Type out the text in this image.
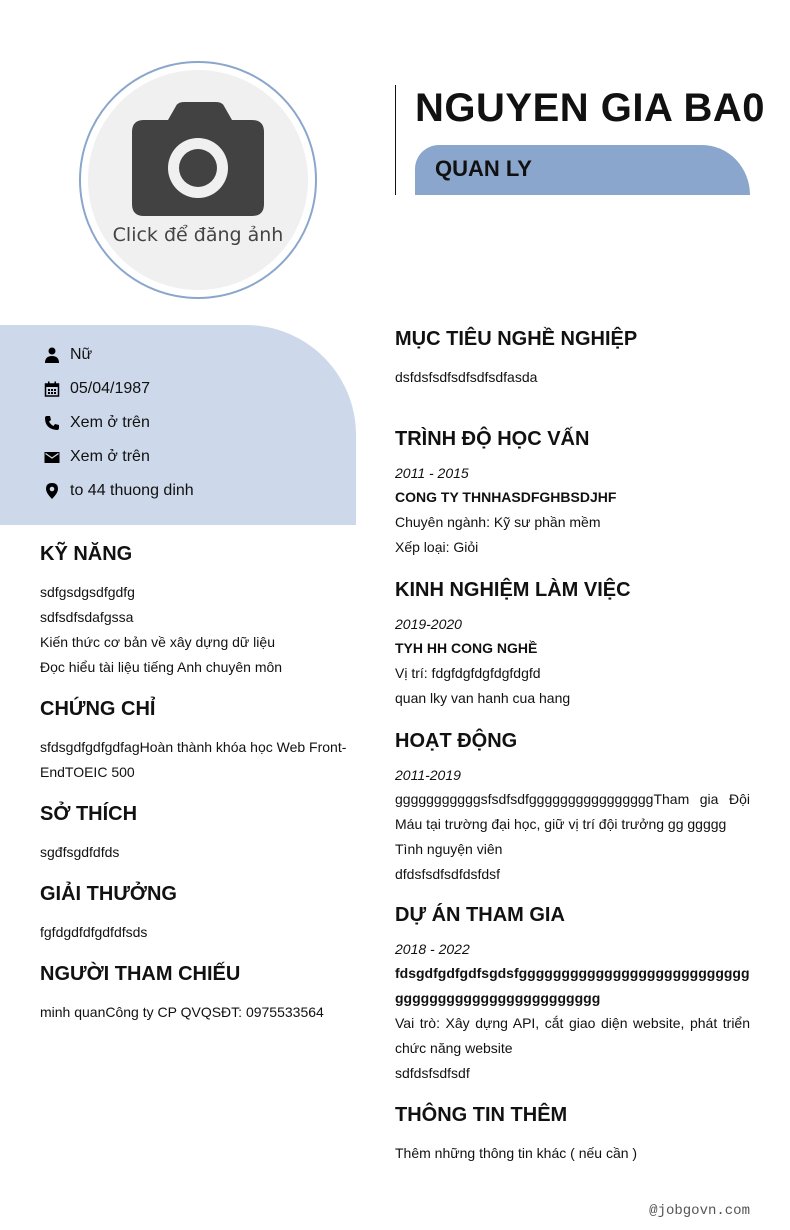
Click để đăng ảnh
NGUYEN GIA BA0
QUAN LY
Nữ
05/04/1987
Xem ở trên
Xem ở trên
to 44 thuong dinh
KỸ NĂNG
sdfgsdgsdfgdfg
sdfsdfsdafgssa
Kiến thức cơ bản về xây dựng dữ liệu
Đọc hiểu tài liệu tiếng Anh chuyên môn
CHỨNG CHỈ
sfdsgdfgdfgdfagHoàn thành khóa học Web Front-EndTOEIC 500
SỞ THÍCH
sgđfsgdfdfds
GIẢI THƯỞNG
fgfdgdfdfgdfdfsds
NGƯỜI THAM CHIẾU
minh quanCông ty CP QVQSĐT: 0975533564
MỤC TIÊU NGHỀ NGHIỆP
dsfdsfsdfsdfsdfsdfasda
TRÌNH ĐỘ HỌC VẤN
2011 - 2015
CONG TY THNHASDFGHBSDJHF
Chuyên ngành: Kỹ sư phần mềm
Xếp loại: Giỏi
KINH NGHIỆM LÀM VIỆC
2019-2020
TYH HH CONG NGHỀ
Vị trí: fdgfdgfdgfdgfdgfd
quan lky van hanh cua hang
HOẠT ĐỘNG
2011-2019
gggggggggggsfsdfsdfggggggggggggggggTham gia Đội Máu tại trường đại học, giữ vị trí đội trưởng gg ggggg
Tình nguyện viên
dfdsfsdfsdfdsfdsf
DỰ ÁN THAM GIA
2018 - 2022
fdsgdfgdfgdfsgdsfggggggggggggggggggggggggggggggggggggggggggggggggggg
Vai trò: Xây dựng API, cắt giao diện website, phát triển chức năng website
sdfdsfsdfsdf
THÔNG TIN THÊM
Thêm những thông tin khác ( nếu cần )
@jobgovn.com
